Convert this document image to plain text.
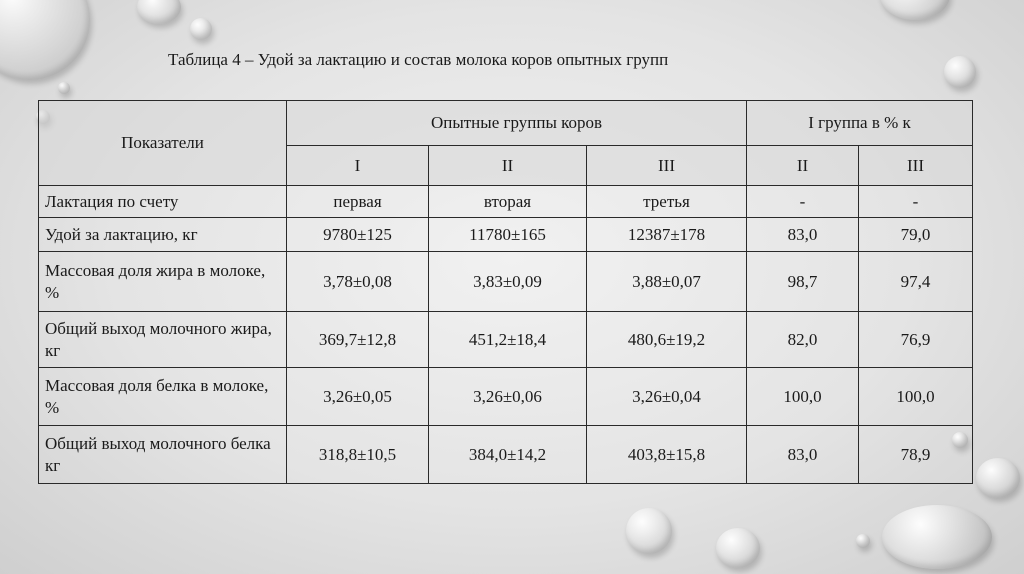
Таблица 4 – Удой за лактацию и состав молока коров опытных групп
Показатели	Опытные группы коров			I группа в % к	
	I	II	III	II	III
Лактация по счету	первая	вторая	третья	-	-
Удой за лактацию, кг	9780±125	11780±165	12387±178	83,0	79,0
Массовая доля жира в молоке, %	3,78±0,08	3,83±0,09	3,88±0,07	98,7	97,4
Общий выход молочного жира, кг	369,7±12,8	451,2±18,4	480,6±19,2	82,0	76,9
Массовая доля белка в молоке, %	3,26±0,05	3,26±0,06	3,26±0,04	100,0	100,0
Общий выход молочного белка кг	318,8±10,5	384,0±14,2	403,8±15,8	83,0	78,9
